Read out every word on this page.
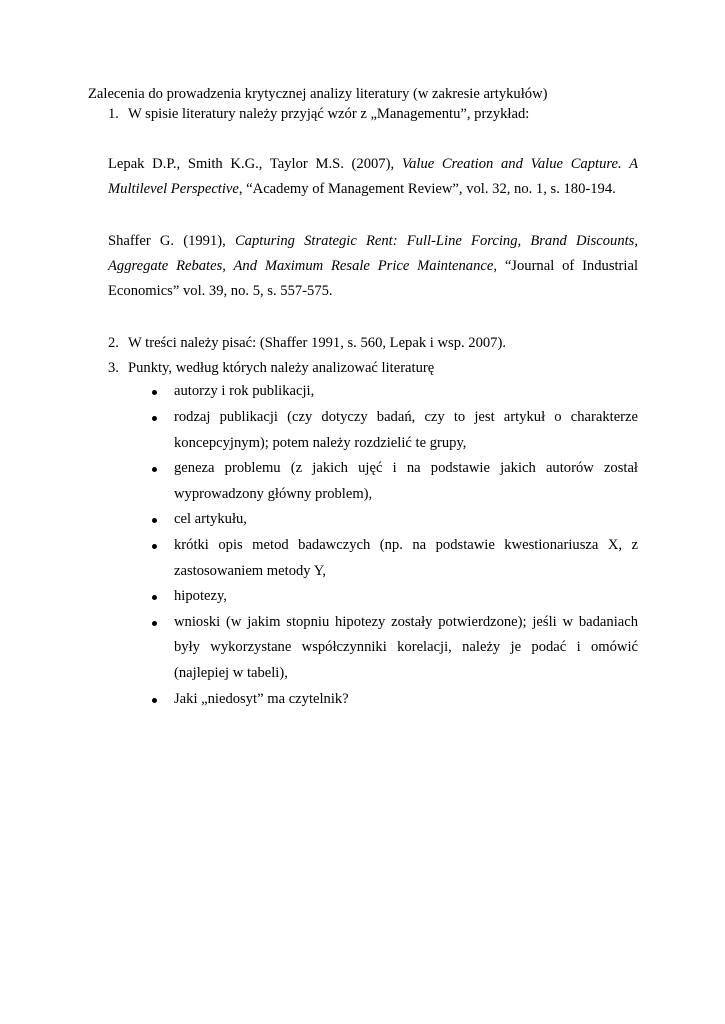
Zalecenia do prowadzenia krytycznej analizy literatury (w zakresie artykułów)

1. W spisie literatury należy przyjąć wzór z „Managementu”, przykład:
Lepak D.P., Smith K.G., Taylor M.S. (2007), Value Creation and Value Capture. A Multilevel Perspective, “Academy of Management Review”, vol. 32, no. 1, s. 180-194.
Shaffer G. (1991), Capturing Strategic Rent: Full-Line Forcing, Brand Discounts, Aggregate Rebates, And Maximum Resale Price Maintenance, “Journal of Industrial Economics” vol. 39, no. 5, s. 557-575.
2. W treści należy pisać: (Shaffer 1991, s. 560, Lepak i wsp. 2007).
3. Punkty, według których należy analizować literaturę
autorzy i rok publikacji,
rodzaj publikacji (czy dotyczy badań, czy to jest artykuł o charakterze koncepcyjnym); potem należy rozdzielić te grupy,
geneza problemu (z jakich ujęć i na podstawie jakich autorów został wyprowadzony główny problem),
cel artykułu,
krótki opis metod badawczych (np. na podstawie kwestionariusza X, z zastosowaniem metody Y,
hipotezy,
wnioski (w jakim stopniu hipotezy zostały potwierdzone); jeśli w badaniach były wykorzystane współczynniki korelacji, należy je podać i omówić (najlepiej w tabeli),
Jaki „niedosyt” ma czytelnik?
